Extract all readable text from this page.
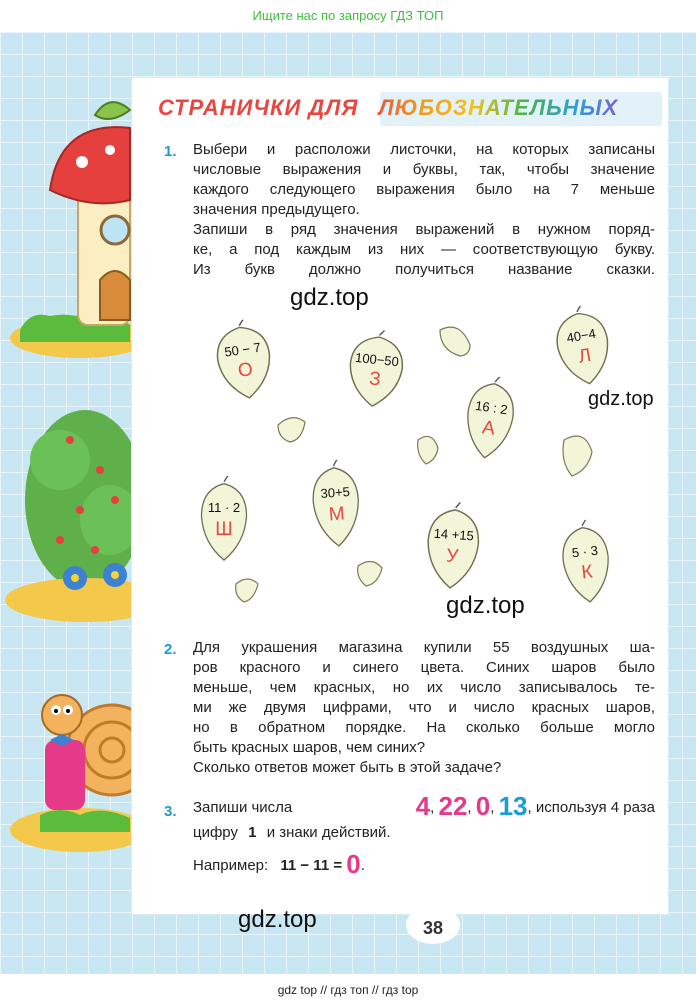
Ищите нас по запросу ГДЗ ТОП
СТРАНИЧКИ ДЛЯ ЛЮБОЗНАТЕЛЬНЫХ
1. Выбери и расположи листочки, на которых записаны
числовые выражения и буквы, так, чтобы значение
каждого следующего выражения было на 7 меньше
значения предыдущего.
Запиши в ряд значения выражений в нужном поряд-
ке, а под каждым из них — соответствующую букву.
Из букв должно получиться название сказки.
gdz.top
gdz.top
gdz.top
50 − 7
О	100−50
З
40−4
Л
16 : 2
А
11 · 2
Ш
30+5
М
14 +15
У	5 · 3
К
2. Для украшения магазина купили 55 воздушных ша-
ров красного и синего цвета. Синих шаров было
меньше, чем красных, но их число записывалось те-
ми же двумя цифрами, что и число красных шаров,
но в обратном порядке. На сколько больше могло
быть красных шаров, чем синих?
Сколько ответов может быть в этой задаче?
3. Запиши числа	4, 22, 0, 13, используя 4 раза
цифру 1 и знаки действий.
Например: 11 − 11 = 0.
gdz.top	38
gdz top // гдз топ // гдз top
